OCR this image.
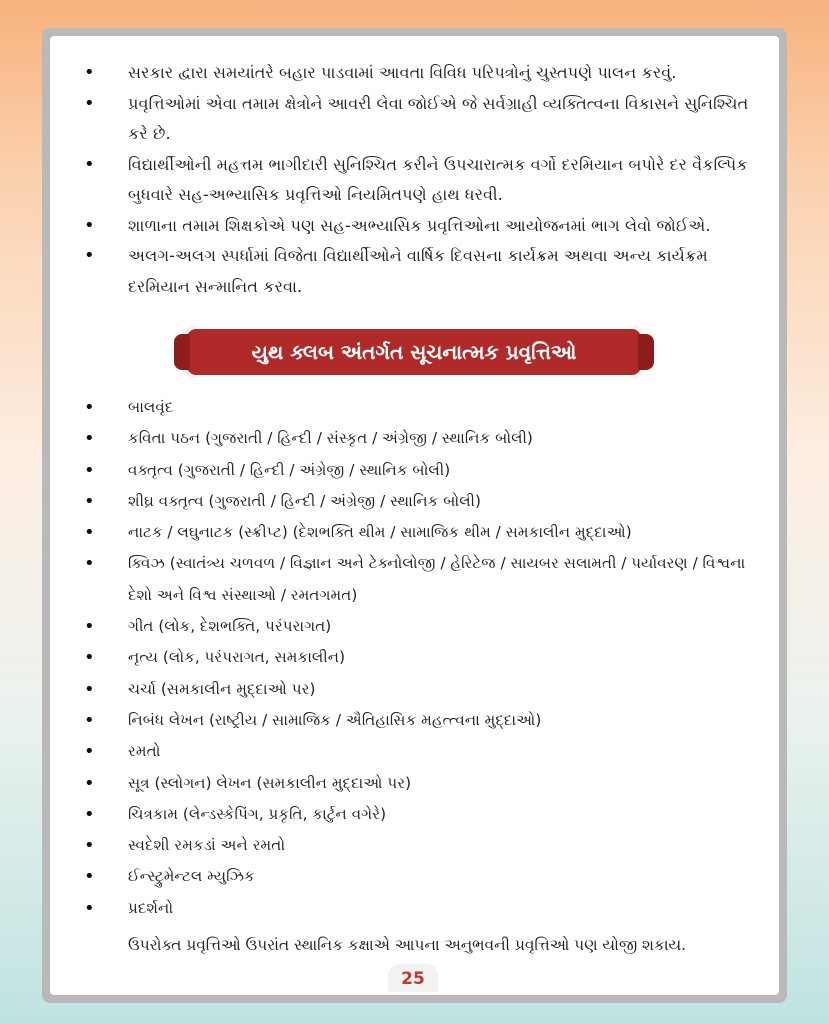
• સરકાર દ્વારા સમયાંતરે બહાર પાડવામાં આવતા વિવિધ પરિપત્રોનું ચુસ્તપણે પાલન કરવું.
• પ્રવૃત્તિઓમાં એવા તમામ ક્ષેત્રોને આવરી લેવા જોઈએ જે સર્વગ્રાહી વ્યક્તિત્વના વિકાસને સુનિશ્ચિત કરે છે.
• વિદ્યાર્થીઓની મહત્તમ ભાગીદારી સુનિશ્ચિત કરીને ઉપચારાત્મક વર્ગો દરમિયાન બપોરે દર વૈકલ્પિક બુધવારે સહ-અભ્યાસિક પ્રવૃત્તિઓ નિયમિતપણે હાથ ધરવી.
• શાળાના તમામ શિક્ષકોએ પણ સહ-અભ્યાસિક પ્રવૃત્તિઓના આયોજનમાં ભાગ લેવો જોઈએ.
• અલગ-અલગ સ્પર્ધામાં વિજેતા વિદ્યાર્થીઓને વાર્ષિક દિવસના કાર્યક્રમ અથવા અન્ય કાર્યક્રમ દરમિયાન સન્માનિત કરવા.
યુથ ક્લબ અંતર્ગત સૂચનાત્મક પ્રવૃત્તિઓ
• બાલવૃંદ
• કવિતા પઠન (ગુજરાતી / હિન્દી / સંસ્કૃત / અંગ્રેજી / સ્થાનિક બોલી)
• વક્તૃત્વ (ગુજરાતી / હિન્દી / અંગ્રેજી / સ્થાનિક બોલી)
• શીઘ્ર વક્તૃત્વ (ગુજરાતી / હિન્દી / અંગ્રેજી / સ્થાનિક બોલી)
• નાટક / લઘુનાટક (સ્ક્રીપ્ટ) (દેશભક્તિ થીમ / સામાજિક થીમ / સમકાલીન મુદ્દાઓ)
• ક્વિઝ (સ્વાતંત્ર્ય ચળવળ / વિજ્ઞાન અને ટેક્નોલોજી / હેરિટેજ / સાયબર સલામતી / પર્યાવરણ / વિશ્વના દેશો અને વિશ્વ સંસ્થાઓ / રમતગમત)
• ગીત (લોક, દેશભક્તિ, પરંપરાગત)
• નૃત્ય (લોક, પરંપરાગત, સમકાલીન)
• ચર્ચા (સમકાલીન મુદ્દાઓ પર)
• નિબંધ લેખન (રાષ્ટ્રીય / સામાજિક / ઐતિહાસિક મહત્ત્વના મુદ્દાઓ)
• રમતો
• સૂત્ર (સ્લોગન) લેખન (સમકાલીન મુદ્દાઓ પર)
• ચિત્રકામ (લેન્ડસ્કેપિંગ, પ્રકૃતિ, કાર્ટુન વગેરે)
• સ્વદેશી રમકડાં અને રમતો
• ઈન્સ્ટ્રુમેન્ટલ મ્યુઝિક
• પ્રદર્શનો
ઉપરોક્ત પ્રવૃત્તિઓ ઉપરાંત સ્થાનિક કક્ષાએ આપના અનુભવની પ્રવૃત્તિઓ પણ યોજી શકાય.
25
